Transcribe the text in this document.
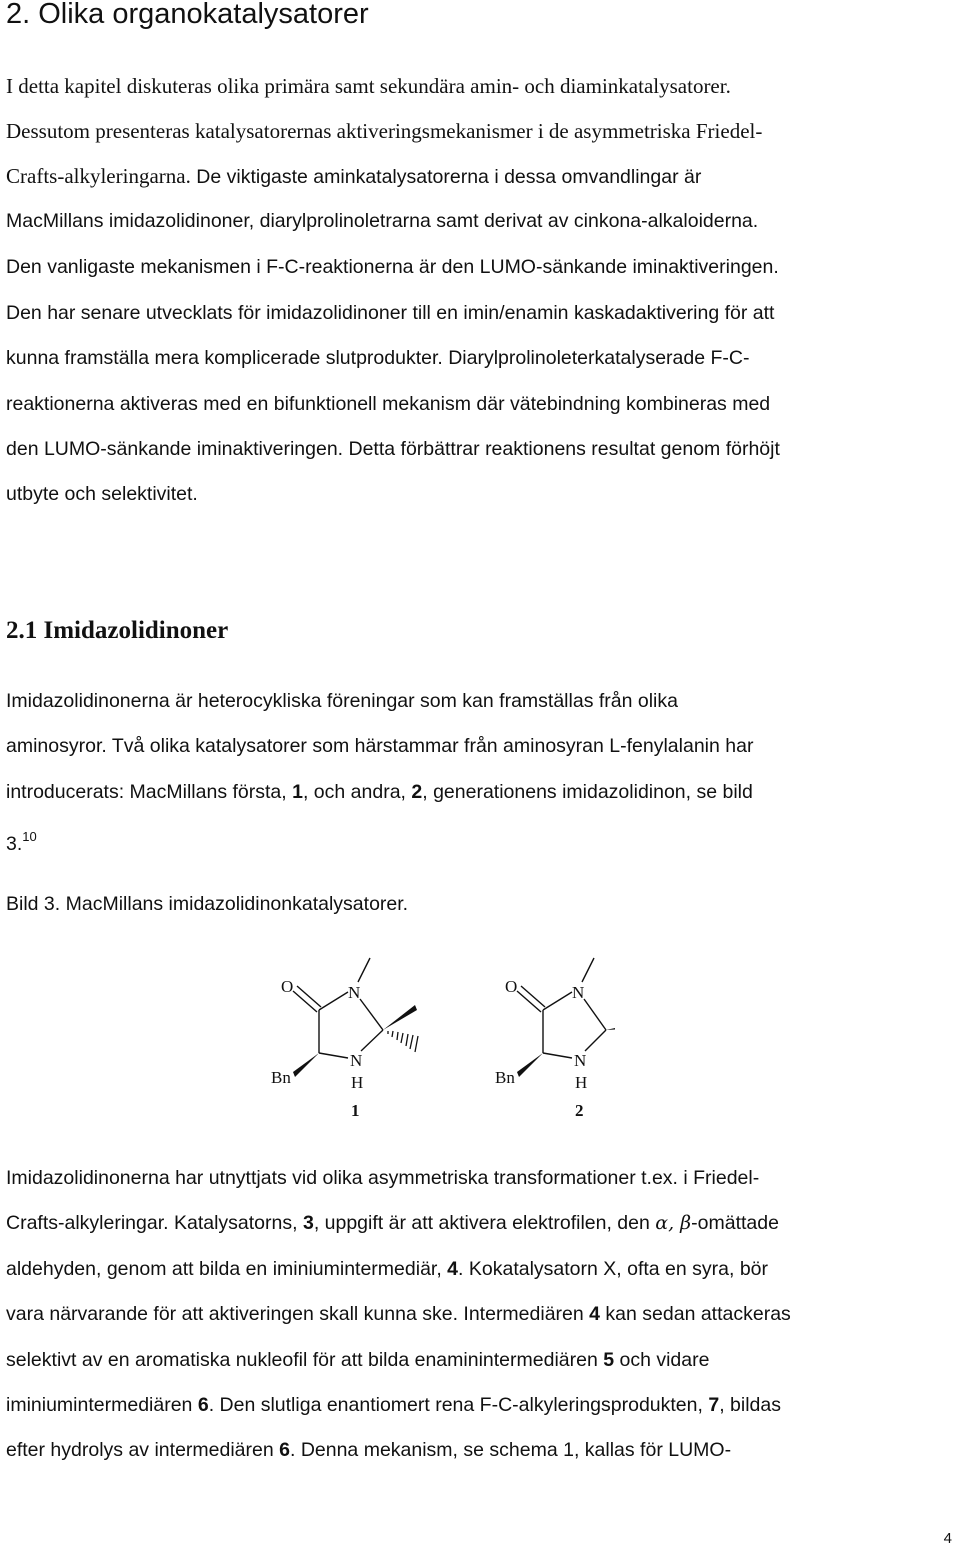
2. Olika organokatalysatorer

I detta kapitel diskuteras olika primära samt sekundära amin- och diaminkatalysatorer.

Dessutom presenteras katalysatorernas aktiveringsmekanismer i de asymmetriska Friedel-

Crafts-alkyleringarna. De viktigaste aminkatalysatorerna i dessa omvandlingar är

MacMillans imidazolidinoner, diarylprolinoletrarna samt derivat av cinkona-alkaloiderna.

Den vanligaste mekanismen i F-C-reaktionerna är den LUMO-sänkande iminaktiveringen.

Den har senare utvecklats för imidazolidinoner till en imin/enamin kaskadaktivering för att

kunna framställa mera komplicerade slutprodukter. Diarylprolinoleterkatalyserade F-C-

reaktionerna aktiveras med en bifunktionell mekanism där vätebindning kombineras med

den LUMO-sänkande iminaktiveringen. Detta förbättrar reaktionens resultat genom förhöjt

utbyte och selektivitet.

2.1 Imidazolidinoner

Imidazolidinonerna är heterocykliska föreningar som kan framställas från olika

aminosyror. Två olika katalysatorer som härstammar från aminosyran L-fenylalanin har

introducerats: MacMillans första, 1, och andra, 2, generationens imidazolidinon, se bild

3.10

Bild 3. MacMillans imidazolidinonkatalysatorer.

O	N
N
H
Bn
1
O	N
N
H
Bn
2

Imidazolidinonerna har utnyttjats vid olika asymmetriska transformationer t.ex. i Friedel-

Crafts-alkyleringar. Katalysatorns, 3, uppgift är att aktivera elektrofilen, den α, β-omättade

aldehyden, genom att bilda en iminiumintermediär, 4. Kokatalysatorn X, ofta en syra, bör

vara närvarande för att aktiveringen skall kunna ske. Intermediären 4 kan sedan attackeras

selektivt av en aromatiska nukleofil för att bilda enaminintermediären 5 och vidare

iminiumintermediären 6. Den slutliga enantiomert rena F-C-alkyleringsprodukten, 7, bildas

efter hydrolys av intermediären 6. Denna mekanism, se schema 1, kallas för LUMO-

4
